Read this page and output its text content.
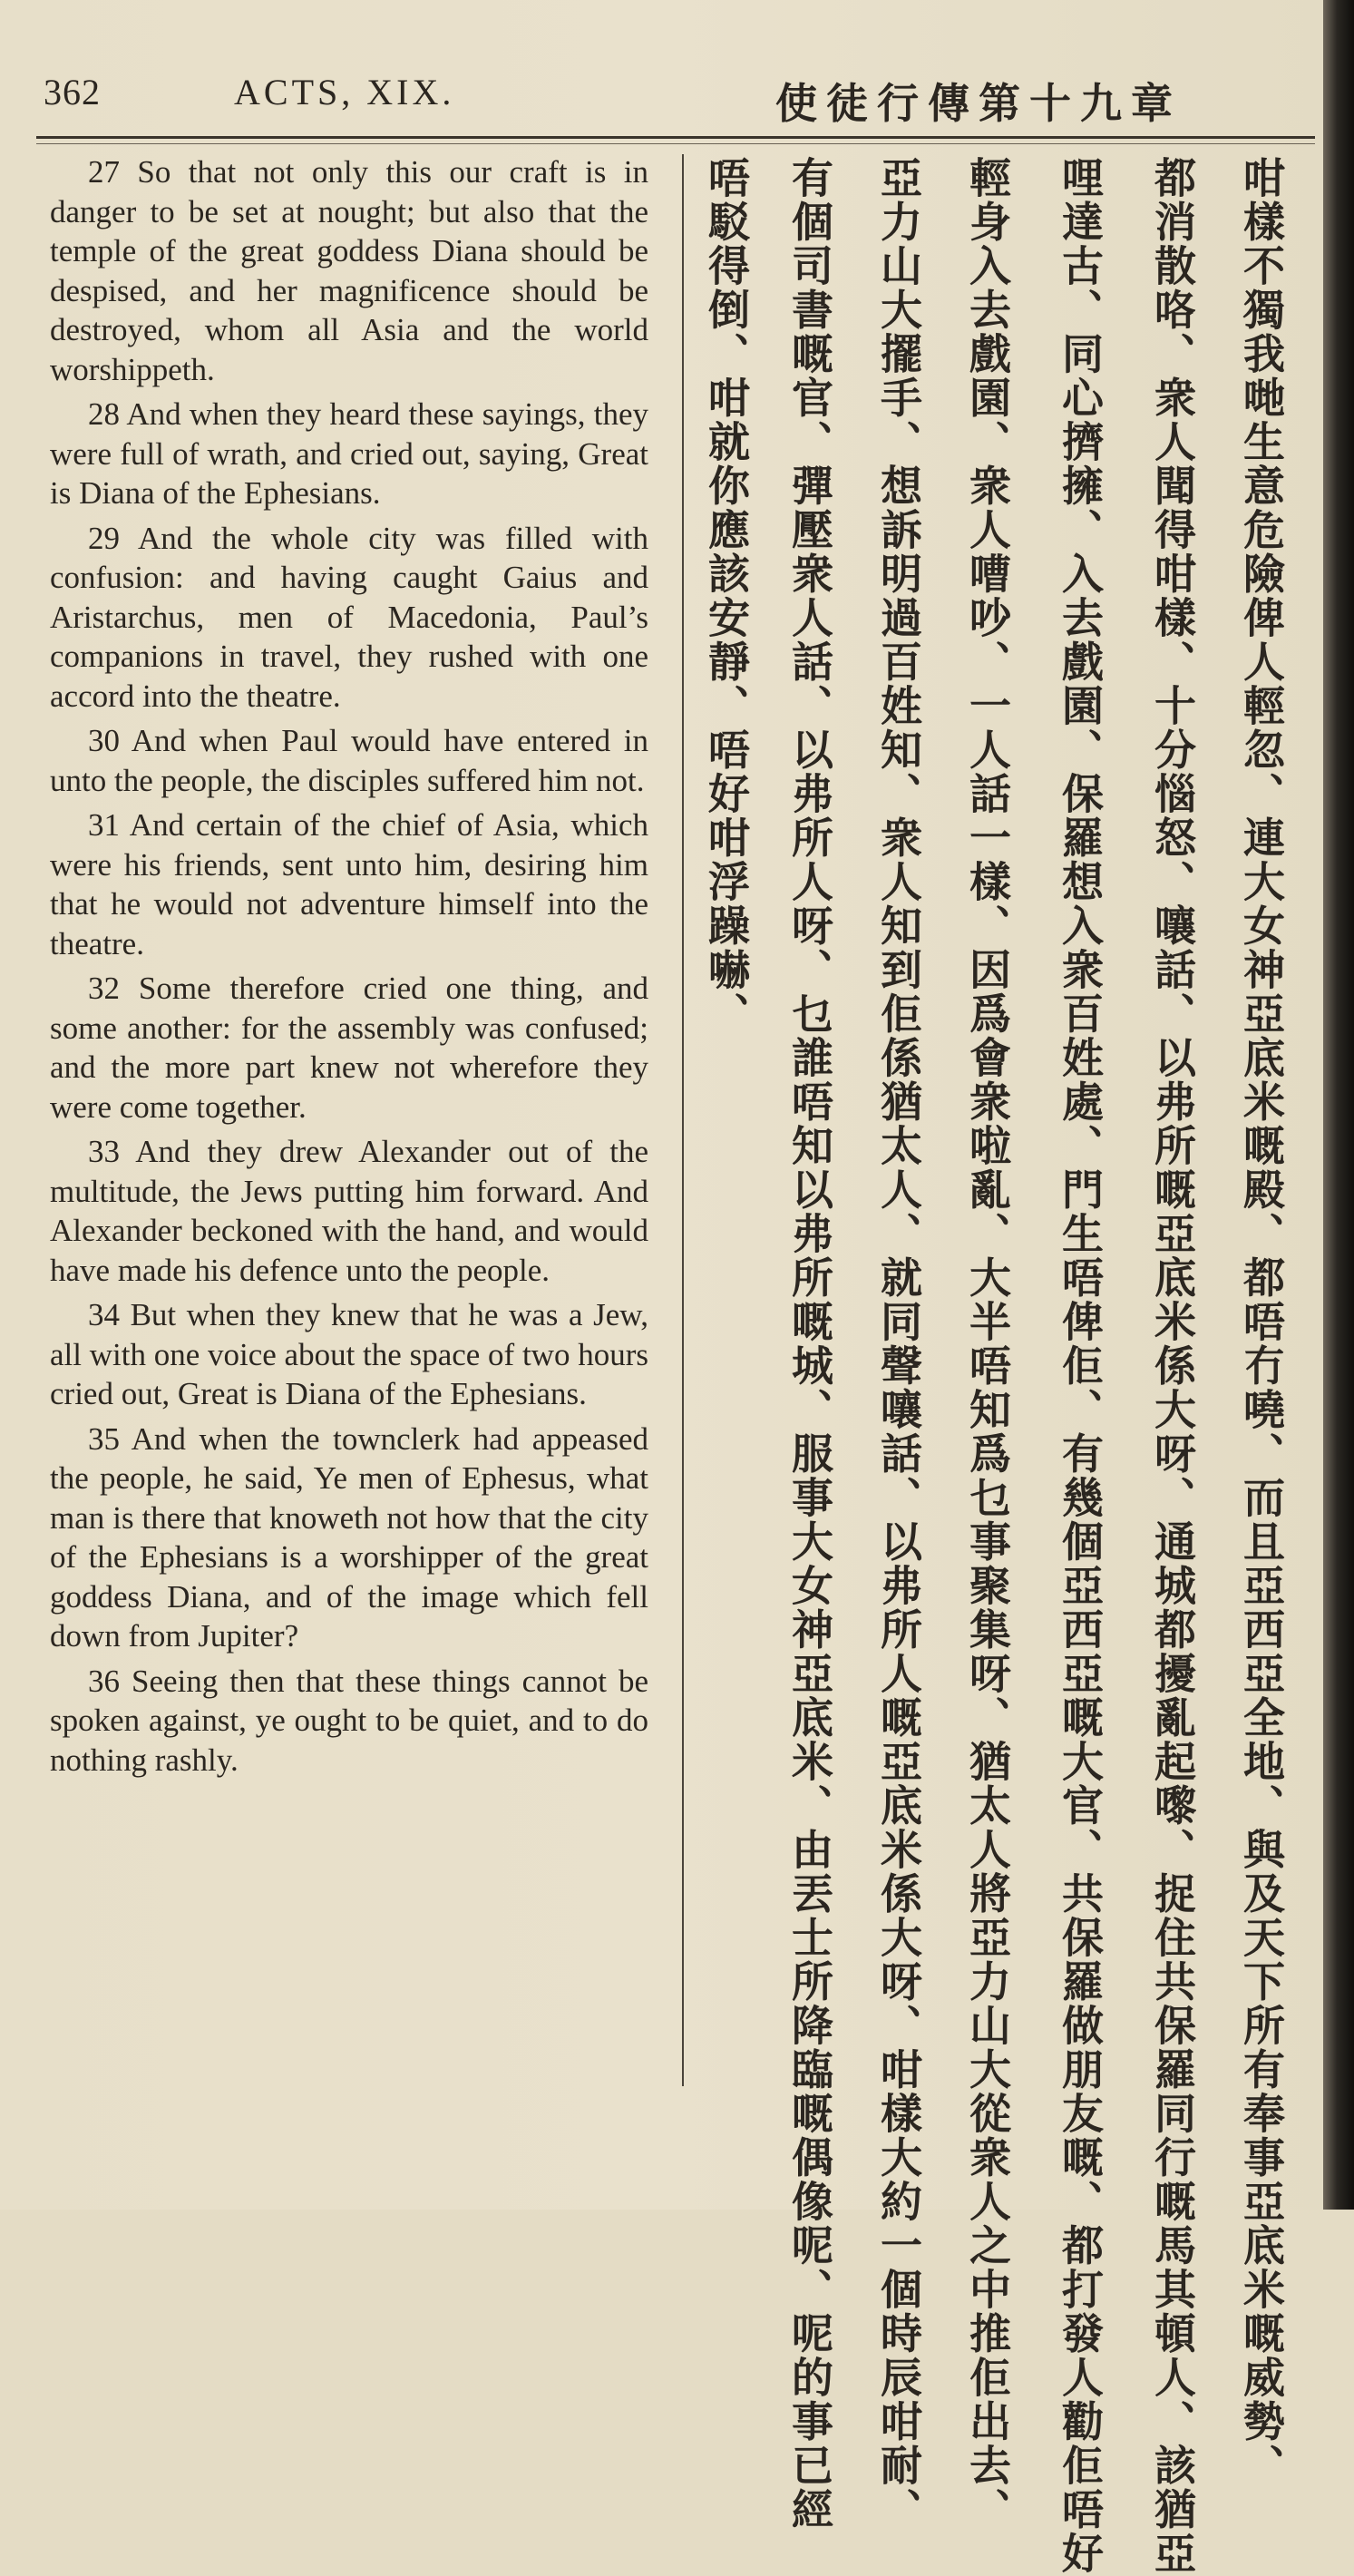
362	ACTS, XIX.	使徒行傳第十九章

27 So that not only this our craft is in danger to be set at nought; but also that the temple of the great goddess Diana should be despised, and her magnificence should be destroyed, whom all Asia and the world worshippeth.

28 And when they heard these sayings, they were full of wrath, and cried out, saying, Great is Diana of the Ephesians.

29 And the whole city was filled with confusion: and having caught Gaius and Aristarchus, men of Macedonia, Paul’s companions in travel, they rushed with one accord into the theatre.

30 And when Paul would have entered in unto the people, the disciples suffered him not.

31 And certain of the chief of Asia, which were his friends, sent unto him, desiring him that he would not adventure himself into the theatre.

32 Some therefore cried one thing, and some another: for the assembly was confused; and the more part knew not wherefore they were come together.

33 And they drew Alexander out of the multitude, the Jews putting him forward. And Alexander beckoned with the hand, and would have made his defence unto the people.

34 But when they knew that he was a Jew, all with one voice about the space of two hours cried out, Great is Diana of the Ephesians.

35 And when the townclerk had appeased the people, he said, Ye men of Ephesus, what man is there that knoweth not how that the city of the Ephesians is a worshipper of the great goddess Diana, and of the image which fell down from Jupiter?

36 Seeing then that these things cannot be spoken against, ye ought to be quiet, and to do nothing rashly.	咁樣不獨我哋生意危險俾人輕忽、連大女神亞底米嘅殿、都唔冇嘵、而且亞西亞全地、與及天下所有奉事亞底米嘅威勢、
都消散咯、衆人聞得咁樣、十分惱怒、嚷話、以弗所嘅亞底米係大呀、通城都擾亂起嚟、捉住共保羅同行嘅馬其頓人、該猶亞
哩達古、同心擠擁、入去戲園、保羅想入衆百姓處、門生唔俾佢、有幾個亞西亞嘅大官、共保羅做朋友嘅、都打發人勸佢唔好
輕身入去戲園、衆人嘈吵、一人話一樣、因爲會衆啦亂、大半唔知爲乜事聚集呀、猶太人將亞力山大從衆人之中推佢出去、
亞力山大擺手、想訴明過百姓知、衆人知到佢係猶太人、就同聲嚷話、以弗所人嘅亞底米係大呀、咁樣大約一個時辰咁耐、
有個司書嘅官、彈壓衆人話、以弗所人呀、乜誰唔知以弗所嘅城、服事大女神亞底米、由丟士所降臨嘅偶像呢、呢的事已經
唔駁得倒、咁就你應該安靜、唔好咁浮躁嚇、
